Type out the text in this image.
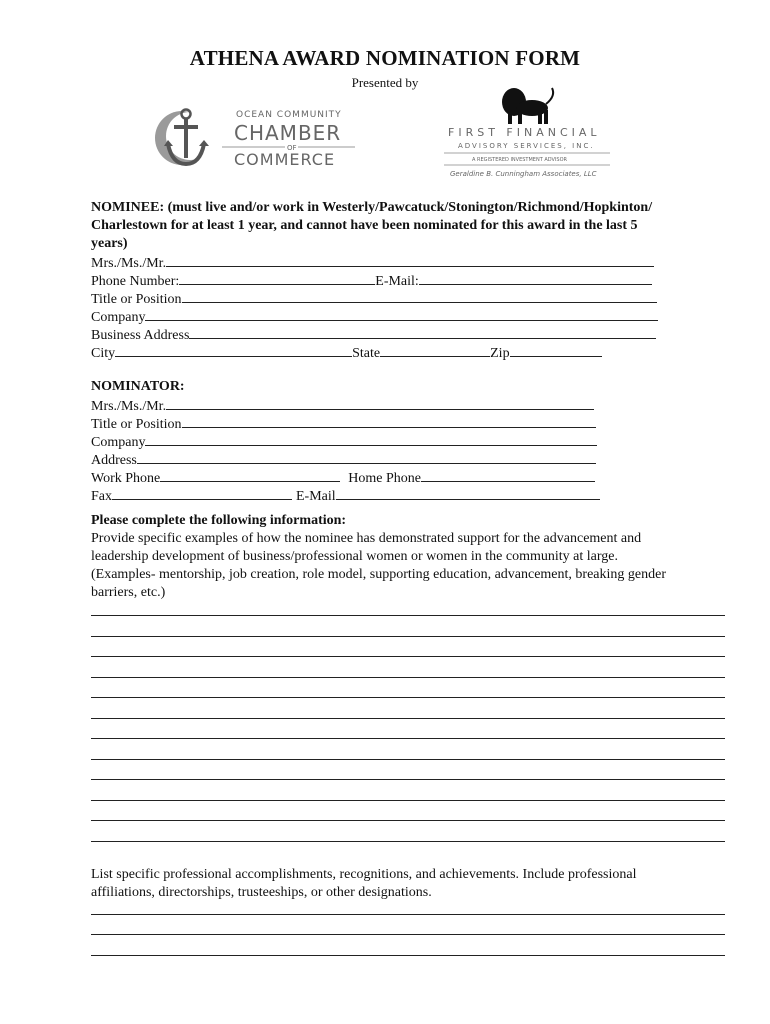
ATHENA AWARD NOMINATION FORM
Presented by
OCEAN COMMUNITY
CHAMBER
OF
COMMERCE
FIRST FINANCIAL
ADVISORY SERVICES, INC.
A REGISTERED INVESTMENT ADVISOR
Geraldine B. Cunningham Associates, LLC
NOMINEE: (must live and/or work in Westerly/Pawcatuck/Stonington/Richmond/Hopkinton/
Charlestown for at least 1 year, and cannot have been nominated for this award in the last 5
years)
Mrs./Ms./Mr.
Phone Number:	E-Mail:
Title or Position
Company
Business Address
City	State	Zip
NOMINATOR:
Mrs./Ms./Mr.
Title or Position
Company
Address
Work Phone	Home Phone
Fax	E-Mail
Please complete the following information:
Provide specific examples of how the nominee has demonstrated support for the advancement and
leadership development of business/professional women or women in the community at large.
(Examples- mentorship, job creation, role model, supporting education, advancement, breaking gender
barriers, etc.)
List specific professional accomplishments, recognitions, and achievements. Include professional
affiliations, directorships, trusteeships, or other designations.
